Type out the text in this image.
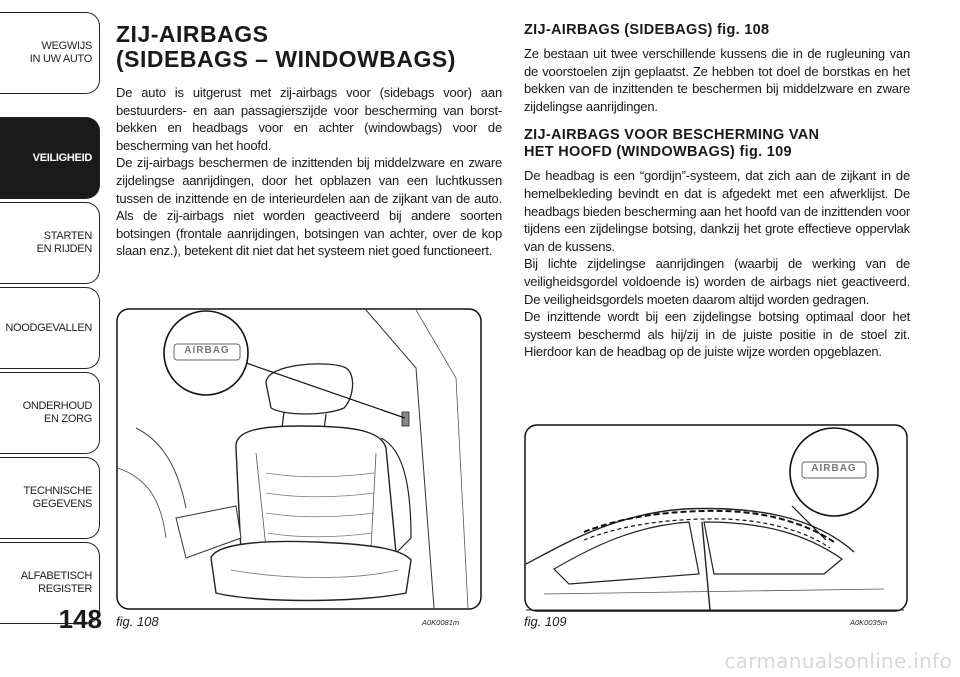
WEGWIJS
IN UW AUTO
VEILIGHEID
STARTEN
EN RIJDEN
NOODGEVALLEN
ONDERHOUD
EN ZORG
TECHNISCHE
GEGEVENS
ALFABETISCH
REGISTER
148
ZIJ-AIRBAGS
(SIDEBAGS – WINDOWBAGS)

De auto is uitgerust met zij-airbags voor (sidebags voor) aan bestuurders- en aan passagierszijde voor bescherming van borst-bekken en headbags voor en achter (windowbags) voor de bescherming van het hoofd.

De zij-airbags beschermen de inzittenden bij middelzware en zware zijdelingse aanrijdingen, door het opblazen van een luchtkussen tussen de inzittende en de interieurdelen aan de zijkant van de auto. Als de zij-airbags niet worden geactiveerd bij andere soorten botsingen (frontale aanrijdingen, botsingen van achter, over de kop slaan enz.), betekent dit niet dat het systeem niet goed functioneert.

ZIJ-AIRBAGS (SIDEBAGS) fig. 108

Ze bestaan uit twee verschillende kussens die in de rugleuning van de voorstoelen zijn geplaatst. Ze hebben tot doel de borstkas en het bekken van de inzittenden te beschermen bij middelzware en zware zijdelingse aanrijdingen.

ZIJ-AIRBAGS VOOR BESCHERMING VAN
HET HOOFD (WINDOWBAGS) fig. 109

De headbag is een “gordijn”-systeem, dat zich aan de zijkant in de hemelbekleding bevindt en dat is afgedekt met een afwerklijst. De headbags bieden bescherming aan het hoofd van de inzittenden voor tijdens een zijdelingse botsing, dankzij het grote effectieve oppervlak van de kussens.

Bij lichte zijdelingse aanrijdingen (waarbij de werking van de veiligheidsgordel voldoende is) worden de airbags niet geactiveerd. De veiligheidsgordels moeten daarom altijd worden gedragen.

De inzittende wordt bij een zijdelingse botsing optimaal door het systeem beschermd als hij/zij in de juiste positie in de stoel zit. Hierdoor kan de headbag op de juiste wijze worden opgeblazen.

AIRBAG
fig. 108	A0K0081m
AIRBAG
fig. 109	A0K0035m
carmanualsonline.info
